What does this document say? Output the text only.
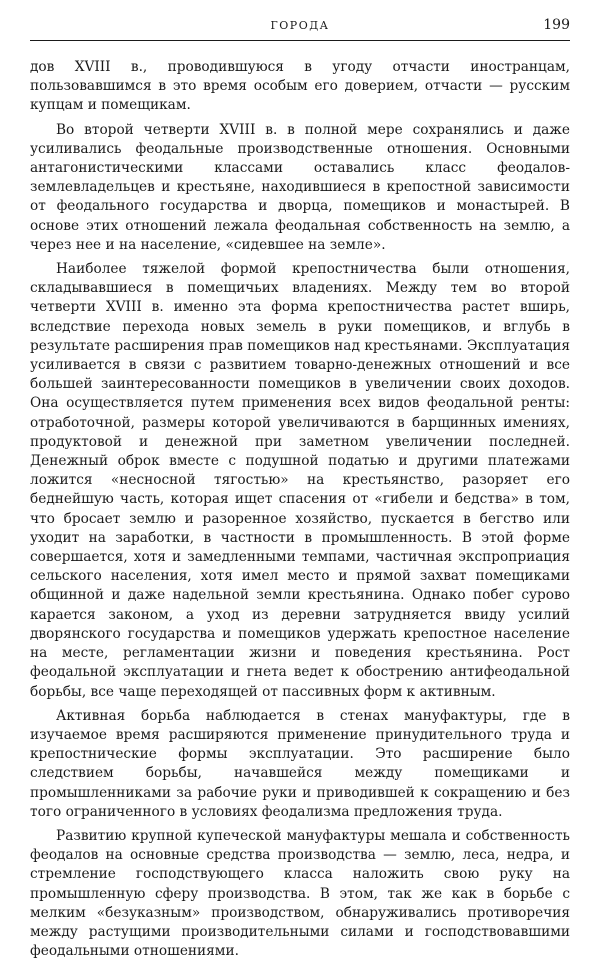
ГОРОДА	199

дов XVIII в., проводившуюся в угоду отчасти иностранцам, пользовавшимся в это время особым его доверием, отчасти — русским купцам и помещикам.

Во второй четверти XVIII в. в полной мере сохранялись и даже усиливались феодальные производственные отношения. Основными антагонистическими классами оставались класс феодалов-землевладельцев и крестьяне, находившиеся в крепостной зависимости от феодального государства и дворца, помещиков и монастырей. В основе этих отношений лежала феодальная собственность на землю, а через нее и на население, «сидевшее на земле».

Наиболее тяжелой формой крепостничества были отношения, складывавшиеся в помещичьих владениях. Между тем во второй четверти XVIII в. именно эта форма крепостничества растет вширь, вследствие перехода новых земель в руки помещиков, и вглубь в результате расширения прав помещиков над крестьянами. Эксплуатация усиливается в связи с развитием товарно-денежных отношений и все большей заинтересованности помещиков в увеличении своих доходов. Она осуществляется путем применения всех видов феодальной ренты: отработочной, размеры которой увеличиваются в барщинных имениях, продуктовой и денежной при заметном увеличении последней. Денежный оброк вместе с подушной податью и другими платежами ложится «несносной тягостью» на крестьянство, разоряет его беднейшую часть, которая ищет спасения от «гибели и бедства» в том, что бросает землю и разоренное хозяйство, пускается в бегство или уходит на заработки, в частности в промышленность. В этой форме совершается, хотя и замедленными темпами, частичная экспроприация сельского населения, хотя имел место и прямой захват помещиками общинной и даже надельной земли крестьянина. Однако побег сурово карается законом, а уход из деревни затрудняется ввиду усилий дворянского государства и помещиков удержать крепостное население на месте, регламентации жизни и поведения крестьянина. Рост феодальной эксплуатации и гнета ведет к обострению антифеодальной борьбы, все чаще переходящей от пассивных форм к активным.

Активная борьба наблюдается в стенах мануфактуры, где в изучаемое время расширяются применение принудительного труда и крепостнические формы эксплуатации. Это расширение было следствием борьбы, начавшейся между помещиками и промышленниками за рабочие руки и приводившей к сокращению и без того ограниченного в условиях феодализма предложения труда.

Развитию крупной купеческой мануфактуры мешала и собственность феодалов на основные средства производства — землю, леса, недра, и стремление господствующего класса наложить свою руку на промышленную сферу производства. В этом, так же как в борьбе с мелким «безуказным» производством, обнаруживались противоречия между растущими производительными силами и господствовавшими феодальными отношениями.
